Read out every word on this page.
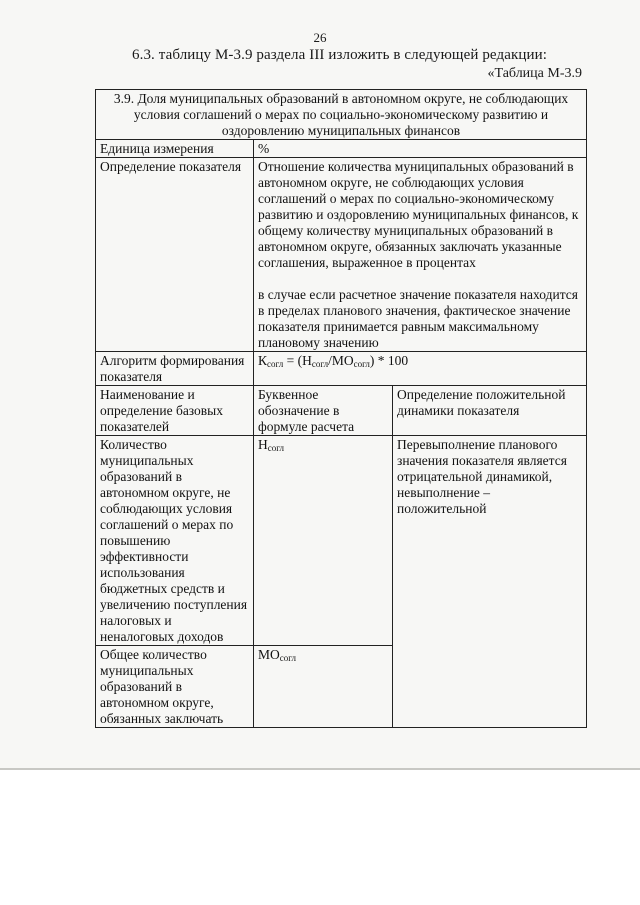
26
6.3. таблицу М-3.9 раздела III изложить в следующей редакции:
«Таблица М-3.9
3.9. Доля муниципальных образований в автономном округе, не соблюдающих условия соглашений о мерах по социально-экономическому развитию и оздоровлению муниципальных финансов		
Единица измерения	%	
Определение показателя	Отношение количества муниципальных образований в автономном округе, не соблюдающих условия соглашений о мерах по социально-экономическому развитию и оздоровлению муниципальных финансов, к общему количеству муниципальных образований в автономном округе, обязанных заключать указанные соглашения, выраженное в процентах
в случае если расчетное значение показателя находится в пределах планового значения, фактическое значение показателя принимается равным максимальному плановому значению	

Алгоритм формирования показателя	$К_{согл} = (Н_{согл}/МО_{согл}) * 100$	
Наименование и определение базовых показателей	Буквенное обозначение в формуле расчета	Определение положительной динамики показателя
Количество муниципальных образований в автономном округе, не соблюдающих условия соглашений о мерах по повышению эффективности использования бюджетных средств и увеличению поступления налоговых и неналоговых доходов	$Н_{согл}$	Перевыполнение планового значения показателя является отрицательной динамикой, невыполнение – положительной
Общее количество муниципальных образований в автономном округе, обязанных заключать	$МО_{согл}$
